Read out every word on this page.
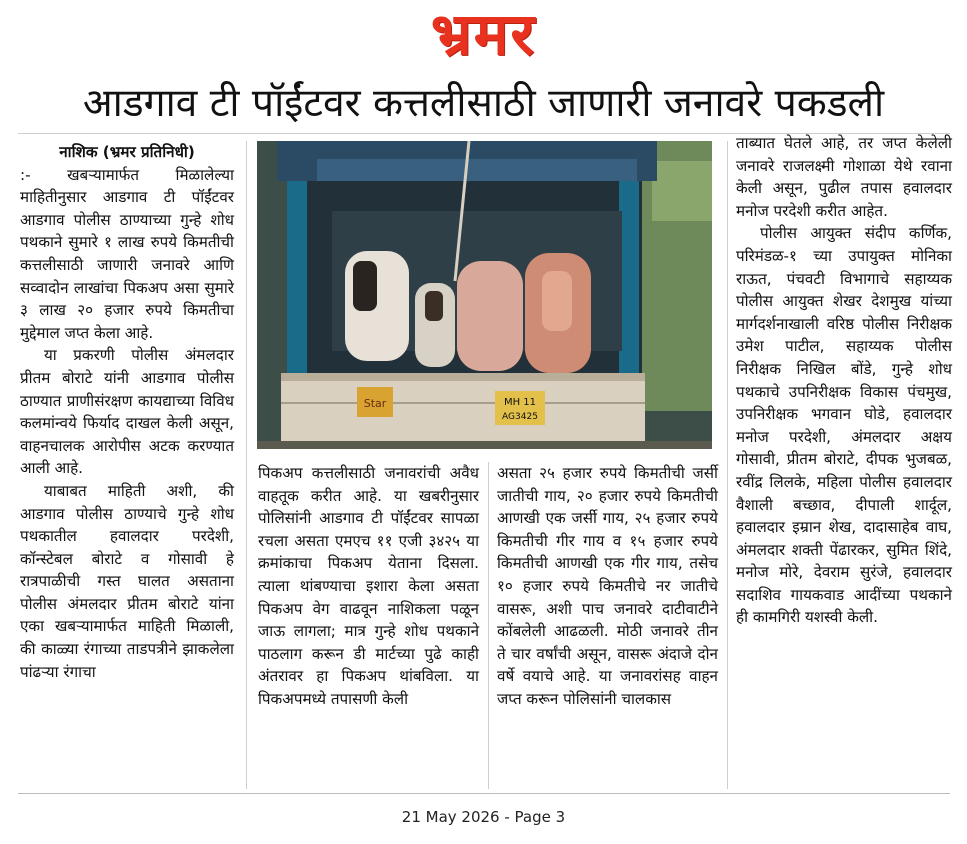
भ्रमर
आडगाव टी पॉईंटवर कत्तलीसाठी जाणारी जनावरे पकडली

नाशिक (भ्रमर प्रतिनिधी)

:- खबऱ्यामार्फत मिळालेल्या माहितीनुसार आडगाव टी पॉईंटवर आडगाव पोलीस ठाण्याच्या गुन्हे शोध पथकाने सुमारे १ लाख रुपये किमतीची कत्तलीसाठी जाणारी जनावरे आणि सव्वादोन लाखांचा पिकअप असा सुमारे ३ लाख २० हजार रुपये किमतीचा मुद्देमाल जप्त केला आहे.

या प्रकरणी पोलीस अंमलदार प्रीतम बोराटे यांनी आडगाव पोलीस ठाण्यात प्राणीसंरक्षण कायद्याच्या विविध कलमांन्वये फिर्याद दाखल केली असून, वाहनचालक आरोपीस अटक करण्यात आली आहे.

याबाबत माहिती अशी, की आडगाव पोलीस ठाण्याचे गुन्हे शोध पथकातील हवालदार परदेशी, कॉन्स्टेबल बोराटे व गोसावी हे रात्रपाळीची गस्त घालत असताना पोलीस अंमलदार प्रीतम बोराटे यांना एका खबऱ्यामार्फत माहिती मिळाली, की काळ्या रंगाच्या ताडपत्रीने झाकलेला पांढऱ्या रंगाचा

Star	MH 11
AG3425

पिकअप कत्तलीसाठी जनावरांची अवैध वाहतूक करीत आहे. या खबरीनुसार पोलिसांनी आडगाव टी पॉईंटवर सापळा रचला असता एमएच ११ एजी ३४२५ या क्रमांकाचा पिकअप येताना दिसला. त्याला थांबण्याचा इशारा केला असता पिकअप वेग वाढवून नाशिकला पळून जाऊ लागला; मात्र गुन्हे शोध पथकाने पाठलाग करून डी मार्टच्या पुढे काही अंतरावर हा पिकअप थांबविला. या पिकअपमध्ये तपासणी केली

असता २५ हजार रुपये किमतीची जर्सी जातीची गाय, २० हजार रुपये किमतीची आणखी एक जर्सी गाय, २५ हजार रुपये किमतीची गीर गाय व १५ हजार रुपये किमतीची आणखी एक गीर गाय, तसेच १० हजार रुपये किमतीचे नर जातीचे वासरू, अशी पाच जनावरे दाटीवाटीने कोंबलेली आढळली. मोठी जनावरे तीन ते चार वर्षांची असून, वासरू अंदाजे दोन वर्षे वयाचे आहे. या जनावरांसह वाहन जप्त करून पोलिसांनी चालकास

ताब्यात घेतले आहे, तर जप्त केलेली जनावरे राजलक्ष्मी गोशाळा येथे रवाना केली असून, पुढील तपास हवालदार मनोज परदेशी करीत आहेत.

पोलीस आयुक्त संदीप कर्णिक, परिमंडळ-१ च्या उपायुक्त मोनिका राऊत, पंचवटी विभागाचे सहाय्यक पोलीस आयुक्त शेखर देशमुख यांच्या मार्गदर्शनाखाली वरिष्ठ पोलीस निरीक्षक उमेश पाटील, सहाय्यक पोलीस निरीक्षक निखिल बोंडे, गुन्हे शोध पथकाचे उपनिरीक्षक विकास पंचमुख, उपनिरीक्षक भगवान घोडे, हवालदार मनोज परदेशी, अंमलदार अक्षय गोसावी, प्रीतम बोराटे, दीपक भुजबळ, रवींद्र लिलके, महिला पोलीस हवालदार वैशाली बच्छाव, दीपाली शार्दूल, हवालदार इम्रान शेख, दादासाहेब वाघ, अंमलदार शक्ती पेंढारकर, सुमित शिंदे, मनोज मोरे, देवराम सुरंजे, हवालदार सदाशिव गायकवाड आदींच्या पथकाने ही कामगिरी यशस्वी केली.

21 May 2026 - Page 3
